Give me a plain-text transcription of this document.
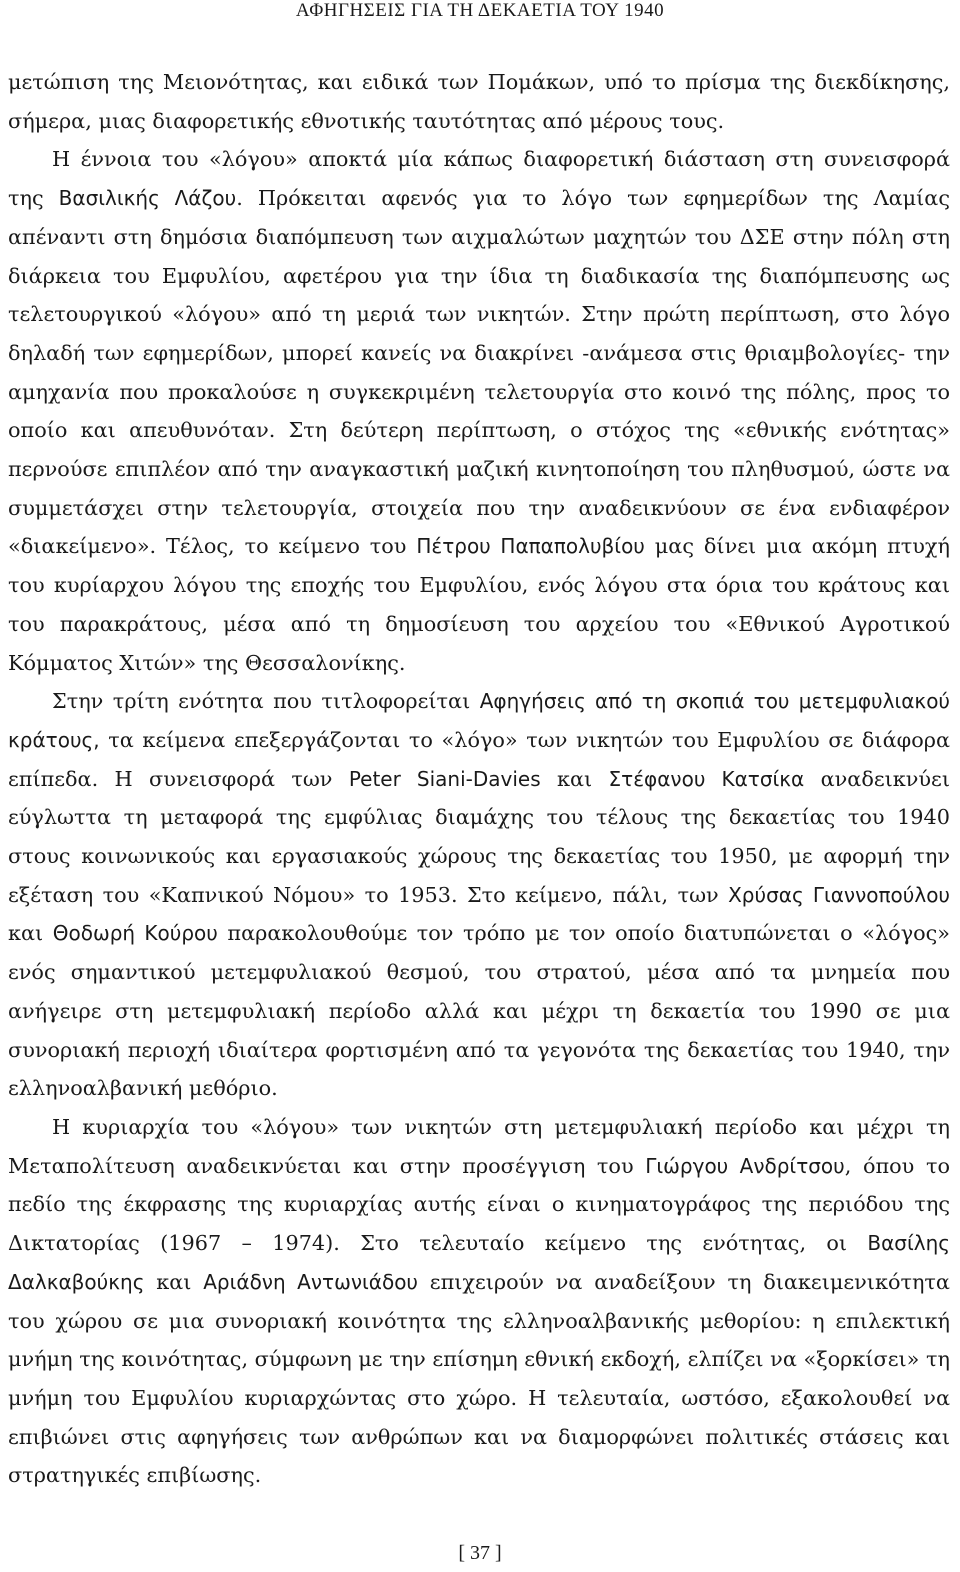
ΑΦΗΓΗΣΕΙΣ ΓΙΑ ΤΗ ΔΕΚΑΕΤΙΑ ΤΟΥ 1940

μετώπιση της Μειονότητας, και ειδικά των Πομάκων, υπό το πρίσμα της διεκδίκησης, σήμερα, μιας διαφορετικής εθνοτικής ταυτότητας από μέρους τους.

Η έννοια του «λόγου» αποκτά μία κάπως διαφορετική διάσταση στη συνεισφορά της Βασιλικής Λάζου. Πρόκειται αφενός για το λόγο των εφημερίδων της Λαμίας απέναντι στη δημόσια διαπόμπευση των αιχμαλώτων μαχητών του ΔΣΕ στην πόλη στη διάρκεια του Εμφυλίου, αφετέρου για την ίδια τη διαδικασία της διαπόμπευσης ως τελετουργικού «λόγου» από τη μεριά των νικητών. Στην πρώτη περίπτωση, στο λόγο δηλαδή των εφημερίδων, μπορεί κανείς να διακρίνει -ανάμεσα στις θριαμβολογίες- την αμηχανία που προκαλούσε η συγκεκριμένη τελετουργία στο κοινό της πόλης, προς το οποίο και απευθυνόταν. Στη δεύτερη περίπτωση, ο στόχος της «εθνικής ενότητας» περνούσε επιπλέον από την αναγκαστική μαζική κινητοποίηση του πληθυσμού, ώστε να συμμετάσχει στην τελετουργία, στοιχεία που την αναδεικνύουν σε ένα ενδιαφέρον «διακείμενο». Τέλος, το κείμενο του Πέτρου Παπαπολυβίου μας δίνει μια ακόμη πτυχή του κυρίαρχου λόγου της εποχής του Εμφυλίου, ενός λόγου στα όρια του κράτους και του παρακράτους, μέσα από τη δημοσίευση του αρχείου του «Εθνικού Αγροτικού Κόμματος Χιτών» της Θεσσαλονίκης.

Στην τρίτη ενότητα που τιτλοφορείται Αφηγήσεις από τη σκοπιά του μετεμφυλιακού κράτους, τα κείμενα επεξεργάζονται το «λόγο» των νικητών του Εμφυλίου σε διάφορα επίπεδα. Η συνεισφορά των Peter Siani-Davies και Στέφανου Κατσίκα αναδεικνύει εύγλωττα τη μεταφορά της εμφύλιας διαμάχης του τέλους της δεκαετίας του 1940 στους κοινωνικούς και εργασιακούς χώρους της δεκαετίας του 1950, με αφορμή την εξέταση του «Καπνικού Νόμου» το 1953. Στο κείμενο, πάλι, των Χρύσας Γιαννοπούλου και Θοδωρή Κούρου παρακολουθούμε τον τρόπο με τον οποίο διατυπώνεται ο «λόγος» ενός σημαντικού μετεμφυλιακού θεσμού, του στρατού, μέσα από τα μνημεία που ανήγειρε στη μετεμφυλιακή περίοδο αλλά και μέχρι τη δεκαετία του 1990 σε μια συνοριακή περιοχή ιδιαίτερα φορτισμένη από τα γεγονότα της δεκαετίας του 1940, την ελληνοαλβανική μεθόριο.

Η κυριαρχία του «λόγου» των νικητών στη μετεμφυλιακή περίοδο και μέχρι τη Μεταπολίτευση αναδεικνύεται και στην προσέγγιση του Γιώργου Ανδρίτσου, όπου το πεδίο της έκφρασης της κυριαρχίας αυτής είναι ο κινηματογράφος της περιόδου της Δικτατορίας (1967 – 1974). Στο τελευταίο κείμενο της ενότητας, οι Βασίλης Δαλκαβούκης και Αριάδνη Αντωνιάδου επιχειρούν να αναδείξουν τη διακειμενικότητα του χώρου σε μια συνοριακή κοινότητα της ελληνοαλβανικής μεθορίου: η επιλεκτική μνήμη της κοινότητας, σύμφωνη με την επίσημη εθνική εκδοχή, ελπίζει να «ξορκίσει» τη μνήμη του Εμφυλίου κυριαρχώντας στο χώρο. Η τελευταία, ωστόσο, εξακολουθεί να επιβιώνει στις αφηγήσεις των ανθρώπων και να διαμορφώνει πολιτικές στάσεις και στρατηγικές επιβίωσης.

[ 37 ]
